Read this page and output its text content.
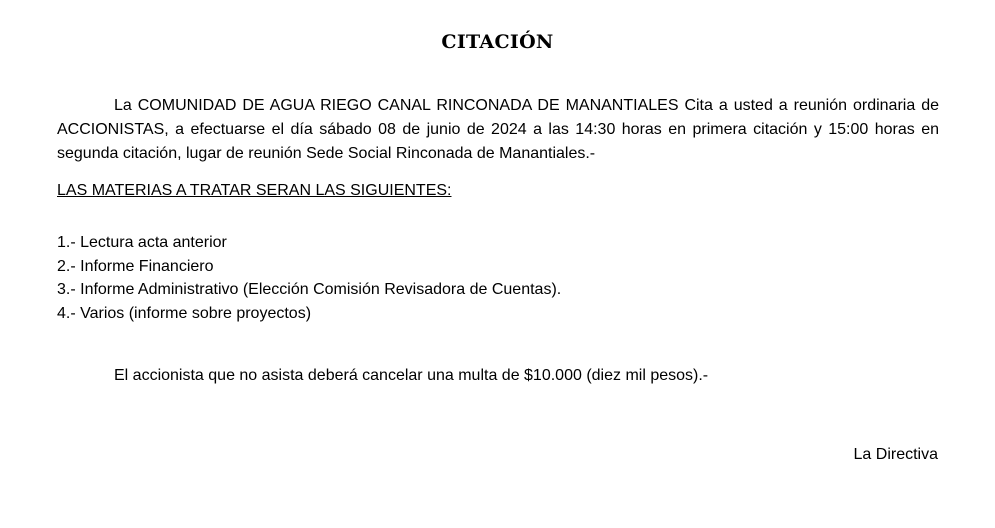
CITACIÓN

La COMUNIDAD DE AGUA RIEGO CANAL RINCONADA DE MANANTIALES Cita a usted a reunión ordinaria de ACCIONISTAS, a efectuarse el día sábado 08 de junio de 2024 a las 14:30 horas en primera citación y 15:00 horas en segunda citación, lugar de reunión Sede Social Rinconada de Manantiales.-

LAS MATERIAS A TRATAR SERAN LAS SIGUIENTES:

1.- Lectura acta anterior
2.- Informe Financiero
3.- Informe Administrativo (Elección Comisión Revisadora de Cuentas).
4.- Varios (informe sobre proyectos)

El accionista que no asista deberá cancelar una multa de $10.000 (diez mil pesos).-

La Directiva
